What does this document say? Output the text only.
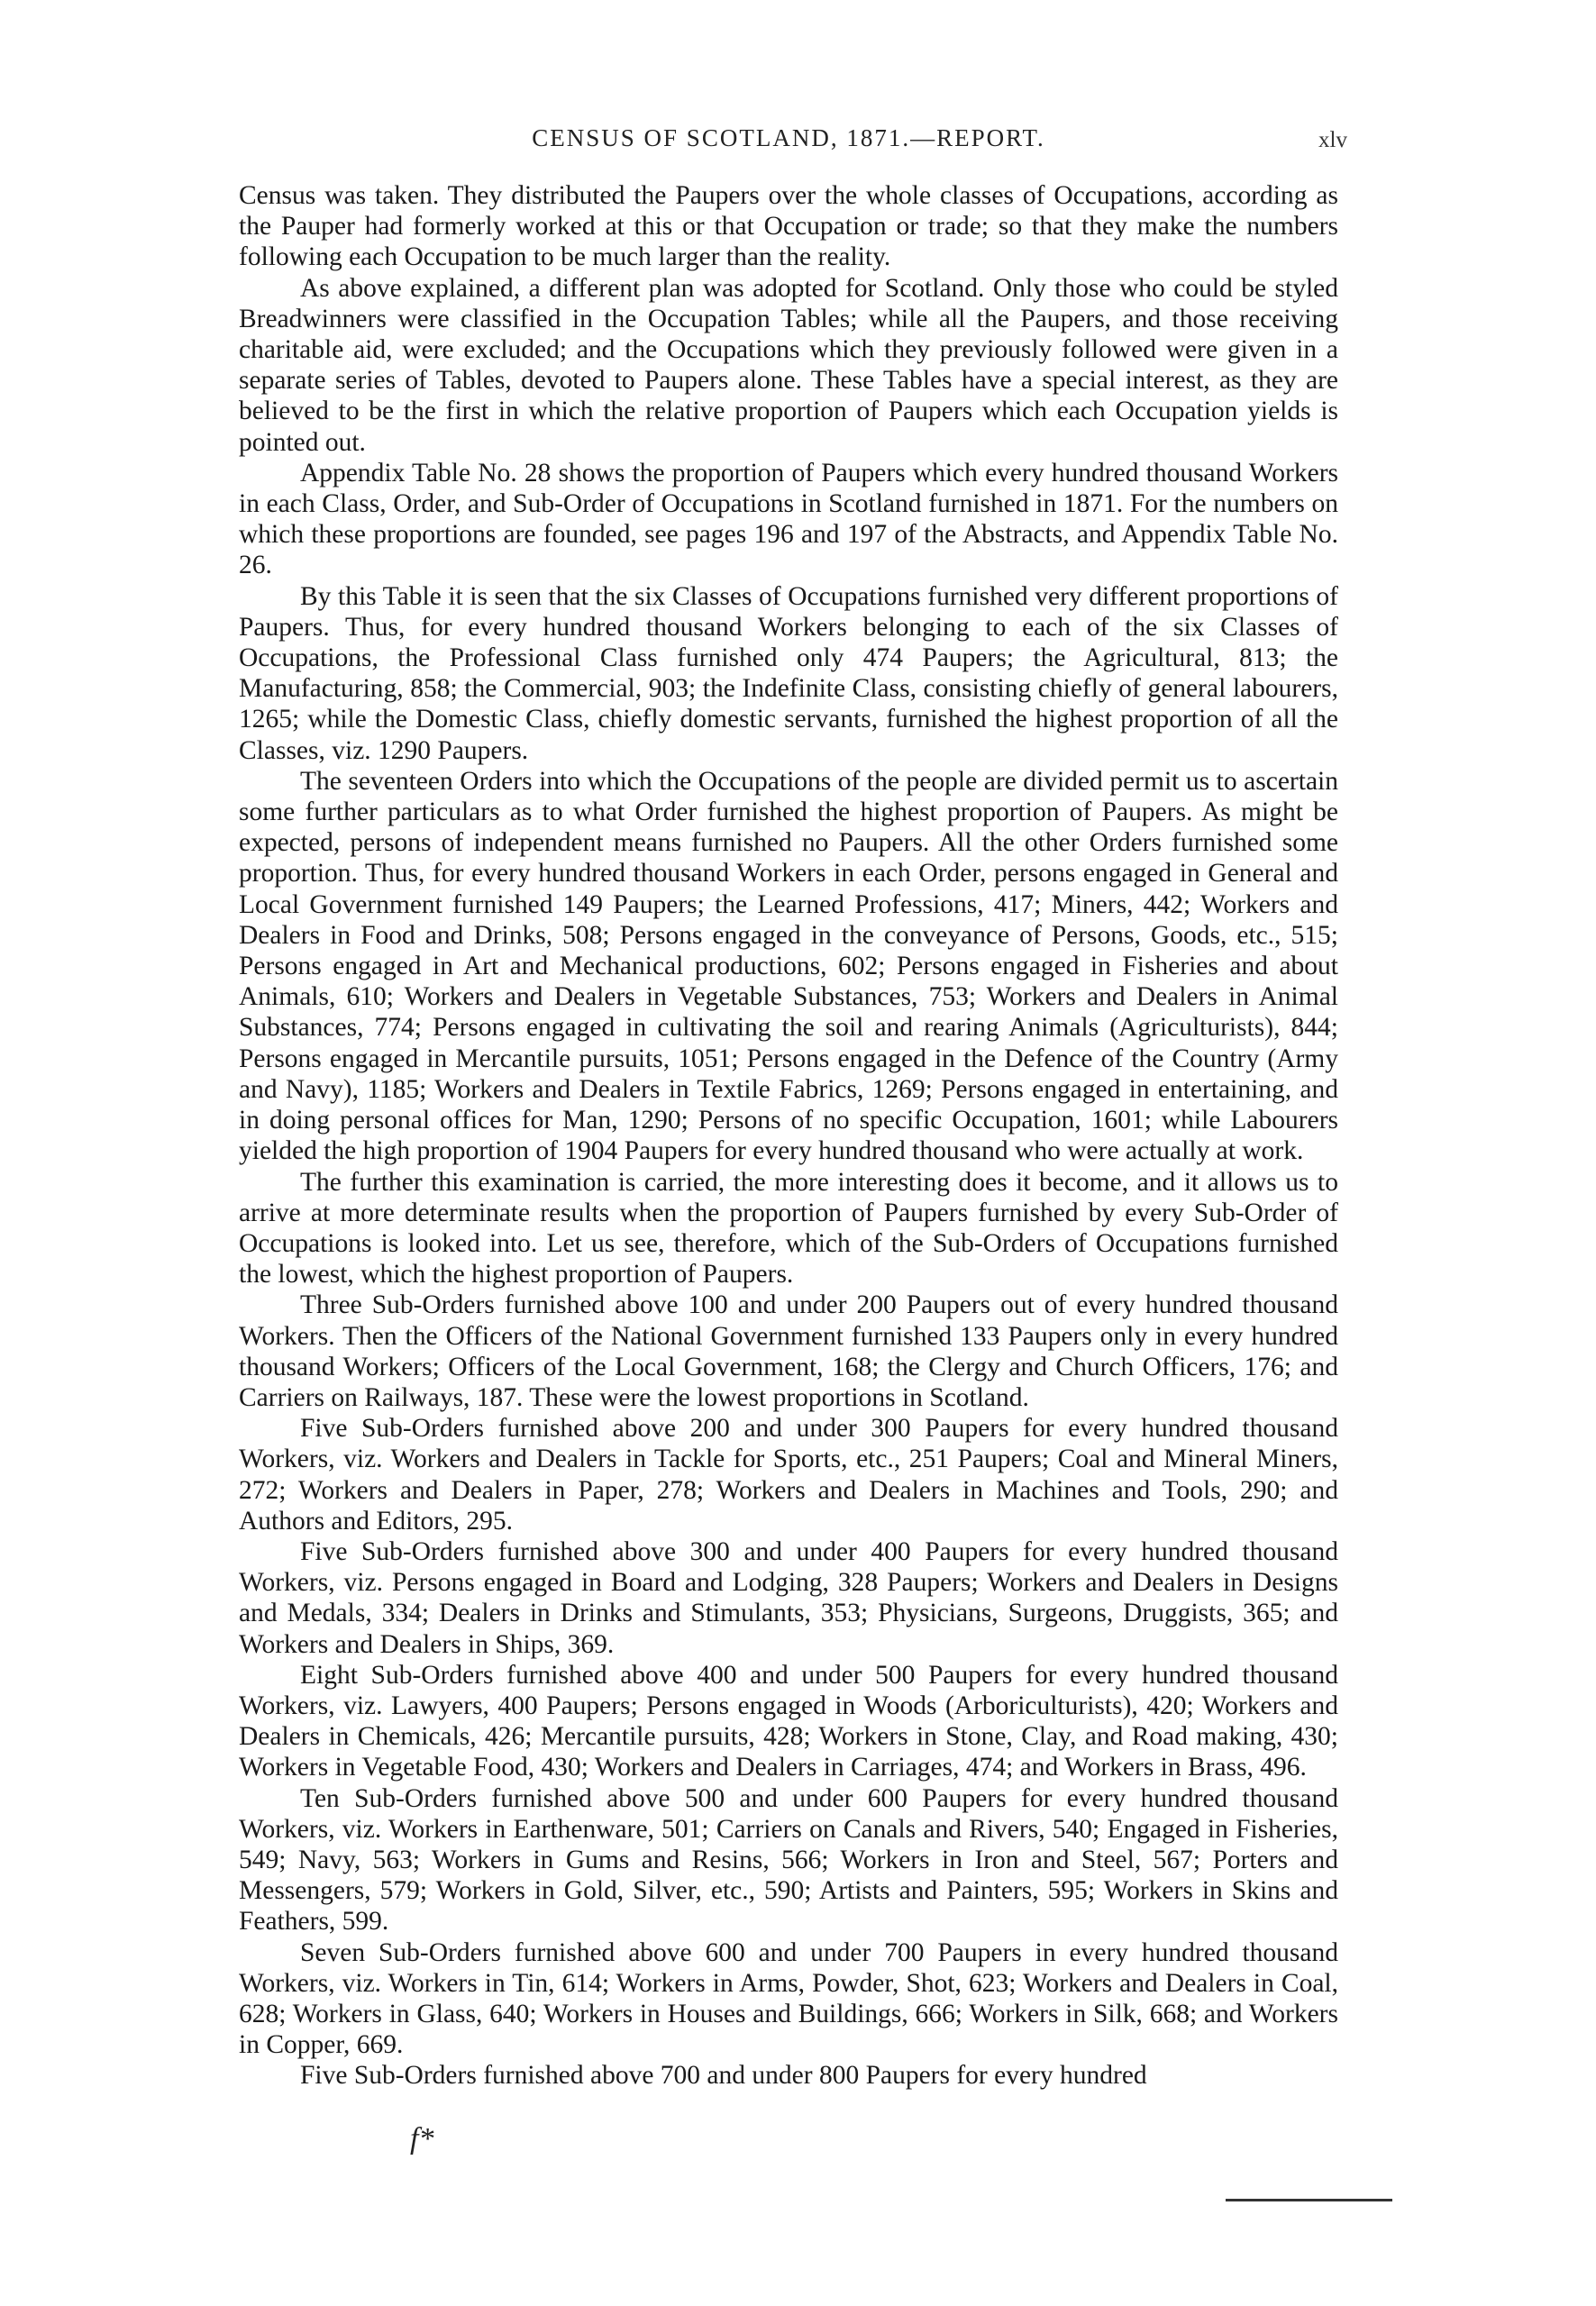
CENSUS OF SCOTLAND, 1871.—REPORT.	xlv

Census was taken. They distributed the Paupers over the whole classes of Occupations, according as the Pauper had formerly worked at this or that Occupation or trade; so that they make the numbers following each Occupation to be much larger than the reality.

As above explained, a different plan was adopted for Scotland. Only those who could be styled Breadwinners were classified in the Occupation Tables; while all the Paupers, and those receiving charitable aid, were excluded; and the Occupations which they previously followed were given in a separate series of Tables, devoted to Paupers alone. These Tables have a special interest, as they are believed to be the first in which the relative proportion of Paupers which each Occupation yields is pointed out.

Appendix Table No. 28 shows the proportion of Paupers which every hundred thousand Workers in each Class, Order, and Sub-Order of Occupations in Scotland furnished in 1871. For the numbers on which these proportions are founded, see pages 196 and 197 of the Abstracts, and Appendix Table No. 26.

By this Table it is seen that the six Classes of Occupations furnished very different proportions of Paupers. Thus, for every hundred thousand Workers belonging to each of the six Classes of Occupations, the Professional Class furnished only 474 Paupers; the Agricultural, 813; the Manufacturing, 858; the Commercial, 903; the Indefinite Class, consisting chiefly of general labourers, 1265; while the Domestic Class, chiefly domestic servants, furnished the highest proportion of all the Classes, viz. 1290 Paupers.

The seventeen Orders into which the Occupations of the people are divided permit us to ascertain some further particulars as to what Order furnished the highest proportion of Paupers. As might be expected, persons of independent means furnished no Paupers. All the other Orders furnished some proportion. Thus, for every hundred thousand Workers in each Order, persons engaged in General and Local Government furnished 149 Paupers; the Learned Professions, 417; Miners, 442; Workers and Dealers in Food and Drinks, 508; Persons engaged in the conveyance of Persons, Goods, etc., 515; Persons engaged in Art and Mechanical productions, 602; Persons engaged in Fisheries and about Animals, 610; Workers and Dealers in Vegetable Substances, 753; Workers and Dealers in Animal Substances, 774; Persons engaged in cultivating the soil and rearing Animals (Agriculturists), 844; Persons engaged in Mercantile pursuits, 1051; Persons engaged in the Defence of the Country (Army and Navy), 1185; Workers and Dealers in Textile Fabrics, 1269; Persons engaged in entertaining, and in doing personal offices for Man, 1290; Persons of no specific Occupation, 1601; while Labourers yielded the high proportion of 1904 Paupers for every hundred thousand who were actually at work.

The further this examination is carried, the more interesting does it become, and it allows us to arrive at more determinate results when the proportion of Paupers furnished by every Sub-Order of Occupations is looked into. Let us see, therefore, which of the Sub-Orders of Occupations furnished the lowest, which the highest proportion of Paupers.

Three Sub-Orders furnished above 100 and under 200 Paupers out of every hundred thousand Workers. Then the Officers of the National Government furnished 133 Paupers only in every hundred thousand Workers; Officers of the Local Government, 168; the Clergy and Church Officers, 176; and Carriers on Railways, 187. These were the lowest proportions in Scotland.

Five Sub-Orders furnished above 200 and under 300 Paupers for every hundred thousand Workers, viz. Workers and Dealers in Tackle for Sports, etc., 251 Paupers; Coal and Mineral Miners, 272; Workers and Dealers in Paper, 278; Workers and Dealers in Machines and Tools, 290; and Authors and Editors, 295.

Five Sub-Orders furnished above 300 and under 400 Paupers for every hundred thousand Workers, viz. Persons engaged in Board and Lodging, 328 Paupers; Workers and Dealers in Designs and Medals, 334; Dealers in Drinks and Stimulants, 353; Physicians, Surgeons, Druggists, 365; and Workers and Dealers in Ships, 369.

Eight Sub-Orders furnished above 400 and under 500 Paupers for every hundred thousand Workers, viz. Lawyers, 400 Paupers; Persons engaged in Woods (Arboriculturists), 420; Workers and Dealers in Chemicals, 426; Mercantile pursuits, 428; Workers in Stone, Clay, and Road making, 430; Workers in Vegetable Food, 430; Workers and Dealers in Carriages, 474; and Workers in Brass, 496.

Ten Sub-Orders furnished above 500 and under 600 Paupers for every hundred thousand Workers, viz. Workers in Earthenware, 501; Carriers on Canals and Rivers, 540; Engaged in Fisheries, 549; Navy, 563; Workers in Gums and Resins, 566; Workers in Iron and Steel, 567; Porters and Messengers, 579; Workers in Gold, Silver, etc., 590; Artists and Painters, 595; Workers in Skins and Feathers, 599.

Seven Sub-Orders furnished above 600 and under 700 Paupers in every hundred thousand Workers, viz. Workers in Tin, 614; Workers in Arms, Powder, Shot, 623; Workers and Dealers in Coal, 628; Workers in Glass, 640; Workers in Houses and Buildings, 666; Workers in Silk, 668; and Workers in Copper, 669.

Five Sub-Orders furnished above 700 and under 800 Paupers for every hundred

f*
